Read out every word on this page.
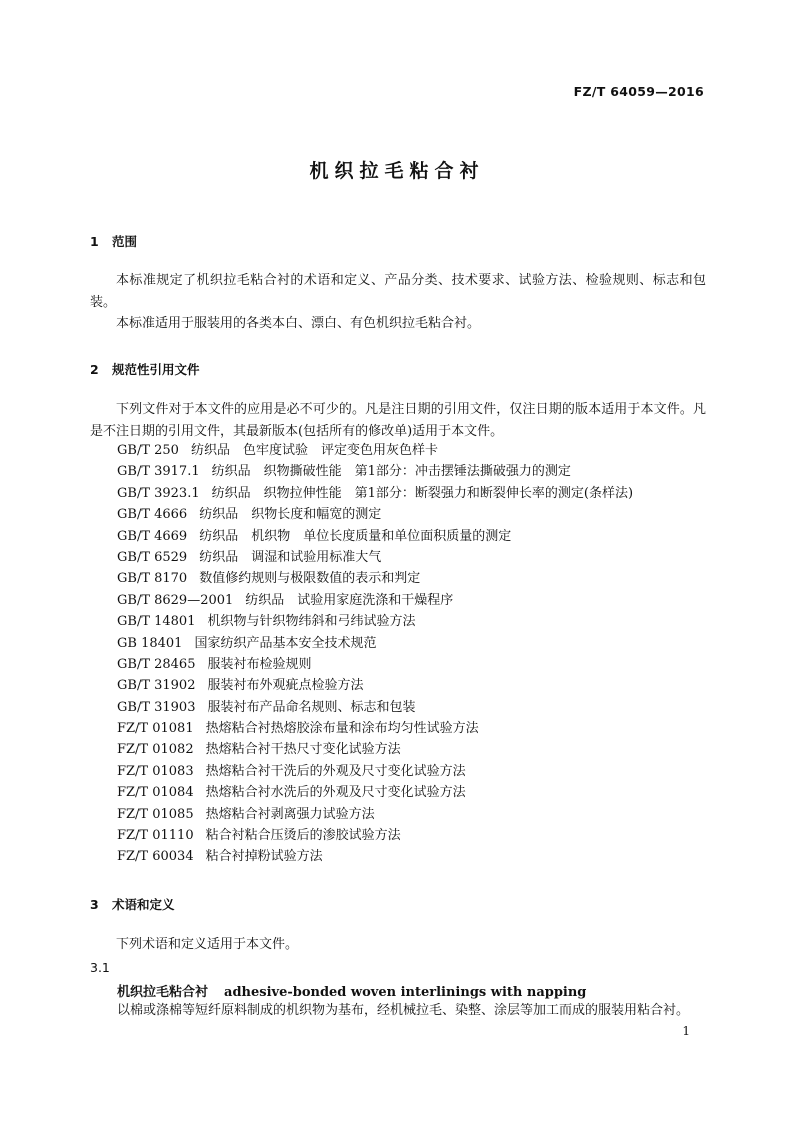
FZ/T 64059—2016
机织拉毛粘合衬
1 范围
本标准规定了机织拉毛粘合衬的术语和定义、产品分类、技术要求、试验方法、检验规则、标志和包装。
本标准适用于服装用的各类本白、漂白、有色机织拉毛粘合衬。
2 规范性引用文件
下列文件对于本文件的应用是必不可少的。凡是注日期的引用文件，仅注日期的版本适用于本文件。凡是不注日期的引用文件，其最新版本(包括所有的修改单)适用于本文件。
GB/T 250 纺织品　色牢度试验　评定变色用灰色样卡
GB/T 3917.1 纺织品　织物撕破性能　第1部分：冲击摆锤法撕破强力的测定
GB/T 3923.1 纺织品　织物拉伸性能　第1部分：断裂强力和断裂伸长率的测定(条样法)
GB/T 4666 纺织品　织物长度和幅宽的测定
GB/T 4669 纺织品　机织物　单位长度质量和单位面积质量的测定
GB/T 6529 纺织品　调湿和试验用标准大气
GB/T 8170 数值修约规则与极限数值的表示和判定
GB/T 8629—2001 纺织品　试验用家庭洗涤和干燥程序
GB/T 14801 机织物与针织物纬斜和弓纬试验方法
GB 18401 国家纺织产品基本安全技术规范
GB/T 28465 服装衬布检验规则
GB/T 31902 服装衬布外观疵点检验方法
GB/T 31903 服装衬布产品命名规则、标志和包装
FZ/T 01081 热熔粘合衬热熔胶涂布量和涂布均匀性试验方法
FZ/T 01082 热熔粘合衬干热尺寸变化试验方法
FZ/T 01083 热熔粘合衬干洗后的外观及尺寸变化试验方法
FZ/T 01084 热熔粘合衬水洗后的外观及尺寸变化试验方法
FZ/T 01085 热熔粘合衬剥离强力试验方法
FZ/T 01110 粘合衬粘合压烫后的渗胶试验方法
FZ/T 60034 粘合衬掉粉试验方法
3 术语和定义
下列术语和定义适用于本文件。
3.1
机织拉毛粘合衬 adhesive-bonded woven interlinings with napping
以棉或涤棉等短纤原料制成的机织物为基布，经机械拉毛、染整、涂层等加工而成的服装用粘合衬。
1
